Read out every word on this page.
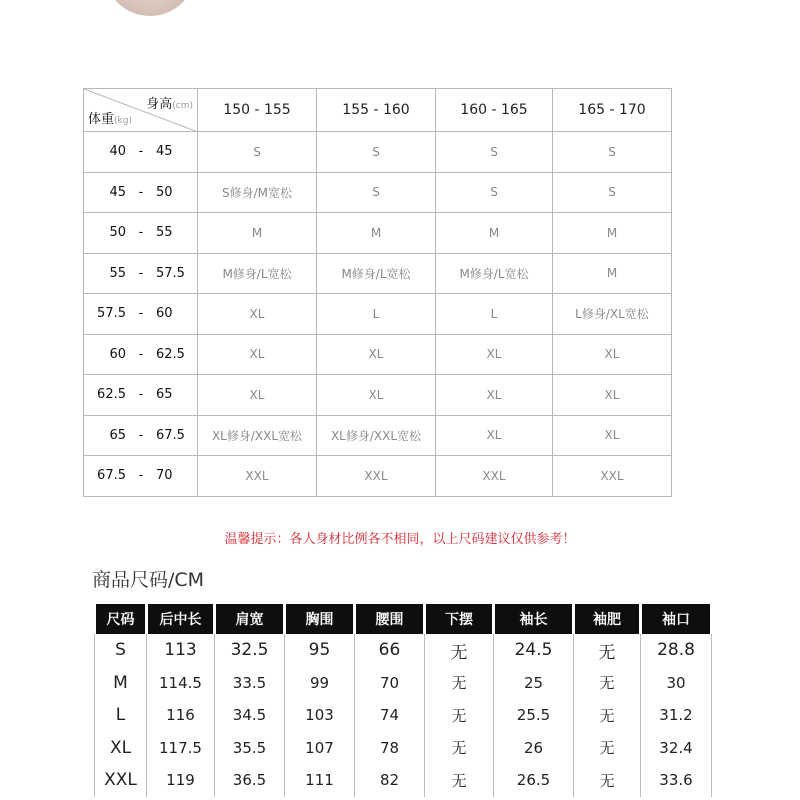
身高(cm)
体重(kg)	150 - 155	155 - 160	160 - 165	165 - 170
40 - 45	S	S	S	S
45 - 50	S修身/M宽松	S	S	S
50 - 55	M	M	M	M
55 - 57.5	M修身/L宽松	M修身/L宽松	M修身/L宽松	M
57.5 - 60	XL	L	L	L修身/XL宽松
60 - 62.5	XL	XL	XL	XL
62.5 - 65	XL	XL	XL	XL
65 - 67.5	XL修身/XXL宽松	XL修身/XXL宽松	XL	XL
67.5 - 70	XXL	XXL	XXL	XXL
温馨提示：各人身材比例各不相同，以上尺码建议仅供参考！
商品尺码/CM
尺码	后中长	肩宽	胸围	腰围	下摆	袖长	袖肥	袖口
S	113	32.5	95	66	无	24.5	无	28.8
M	114.5	33.5	99	70	无	25	无	30
L	116	34.5	103	74	无	25.5	无	31.2
XL	117.5	35.5	107	78	无	26	无	32.4
XXL	119	36.5	111	82	无	26.5	无	33.6
